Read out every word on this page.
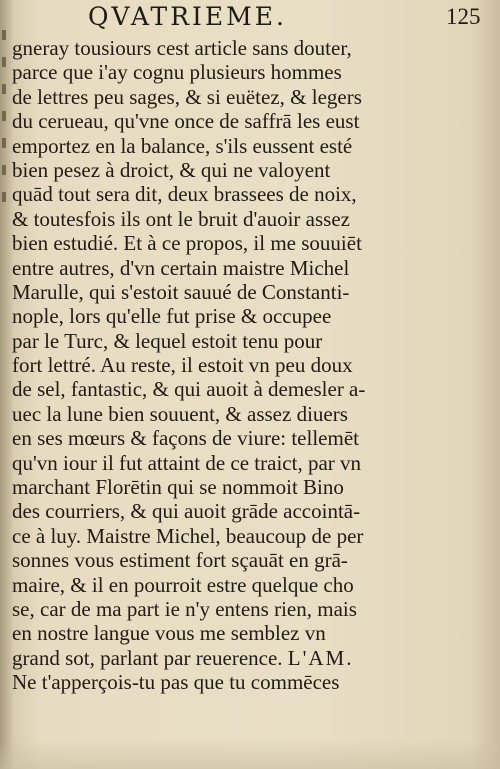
QVATRIEME.	125
gneray tousiours cest article sans douter,
parce que i'ay cognu plusieurs hommes
de lettres peu sages, & si euëtez, & legers
du cerueau, qu'vne once de saffrā les eust
emportez en la balance, s'ils eussent esté
bien pesez à droict, & qui ne valoyent
quād tout sera dit, deux brassees de noix,
& toutesfois ils ont le bruit d'auoir assez
bien estudié. Et à ce propos, il me souuiēt
entre autres, d'vn certain maistre Michel
Marulle, qui s'estoit sauué de Constanti-
nople, lors qu'elle fut prise & occupee
par le Turc, & lequel estoit tenu pour
fort lettré. Au reste, il estoit vn peu doux
de sel, fantastic, & qui auoit à demesler a-
uec la lune bien souuent, & assez diuers
en ses mœurs & façons de viure: tellemēt
qu'vn iour il fut attaint de ce traict, par vn
marchant Florētin qui se nommoit Bino
des courriers, & qui auoit grāde accointā-
ce à luy. Maistre Michel, beaucoup de per
sonnes vous estiment fort sçauāt en grā-
maire, & il en pourroit estre quelque cho
se, car de ma part ie n'y entens rien, mais
en nostre langue vous me semblez vn
grand sot, parlant par reuerence. L'AM.
Ne t'apperçois-tu pas que tu commēces
